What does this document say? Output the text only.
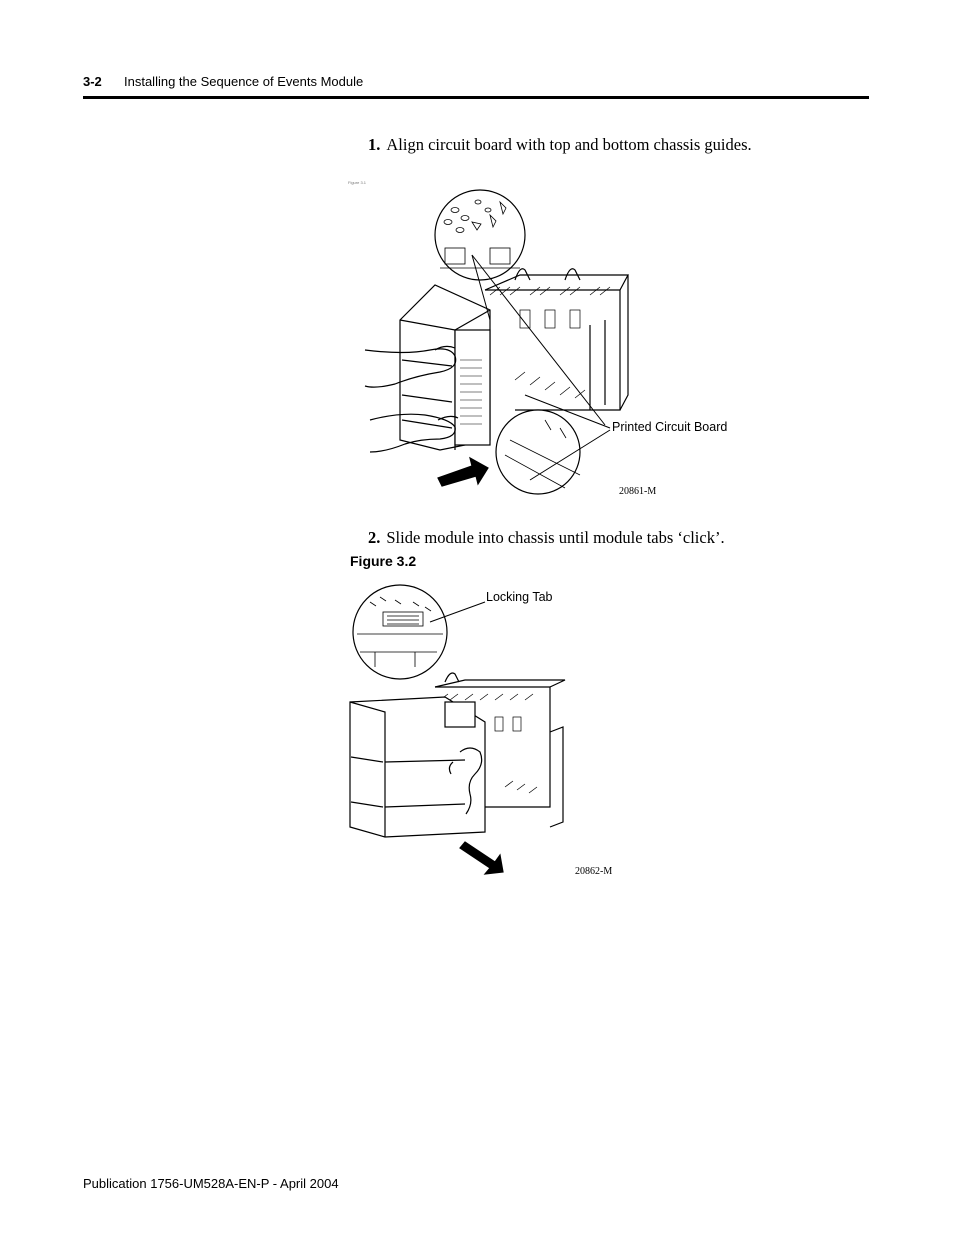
3-2 Installing the Sequence of Events Module
1. Align circuit board with top and bottom chassis guides.
Figure 3.1
Printed Circuit Board
20861-M
2. Slide module into chassis until module tabs ‘click’.
Figure 3.2
Locking Tab
20862-M
Publication 1756-UM528A-EN-P - April 2004
